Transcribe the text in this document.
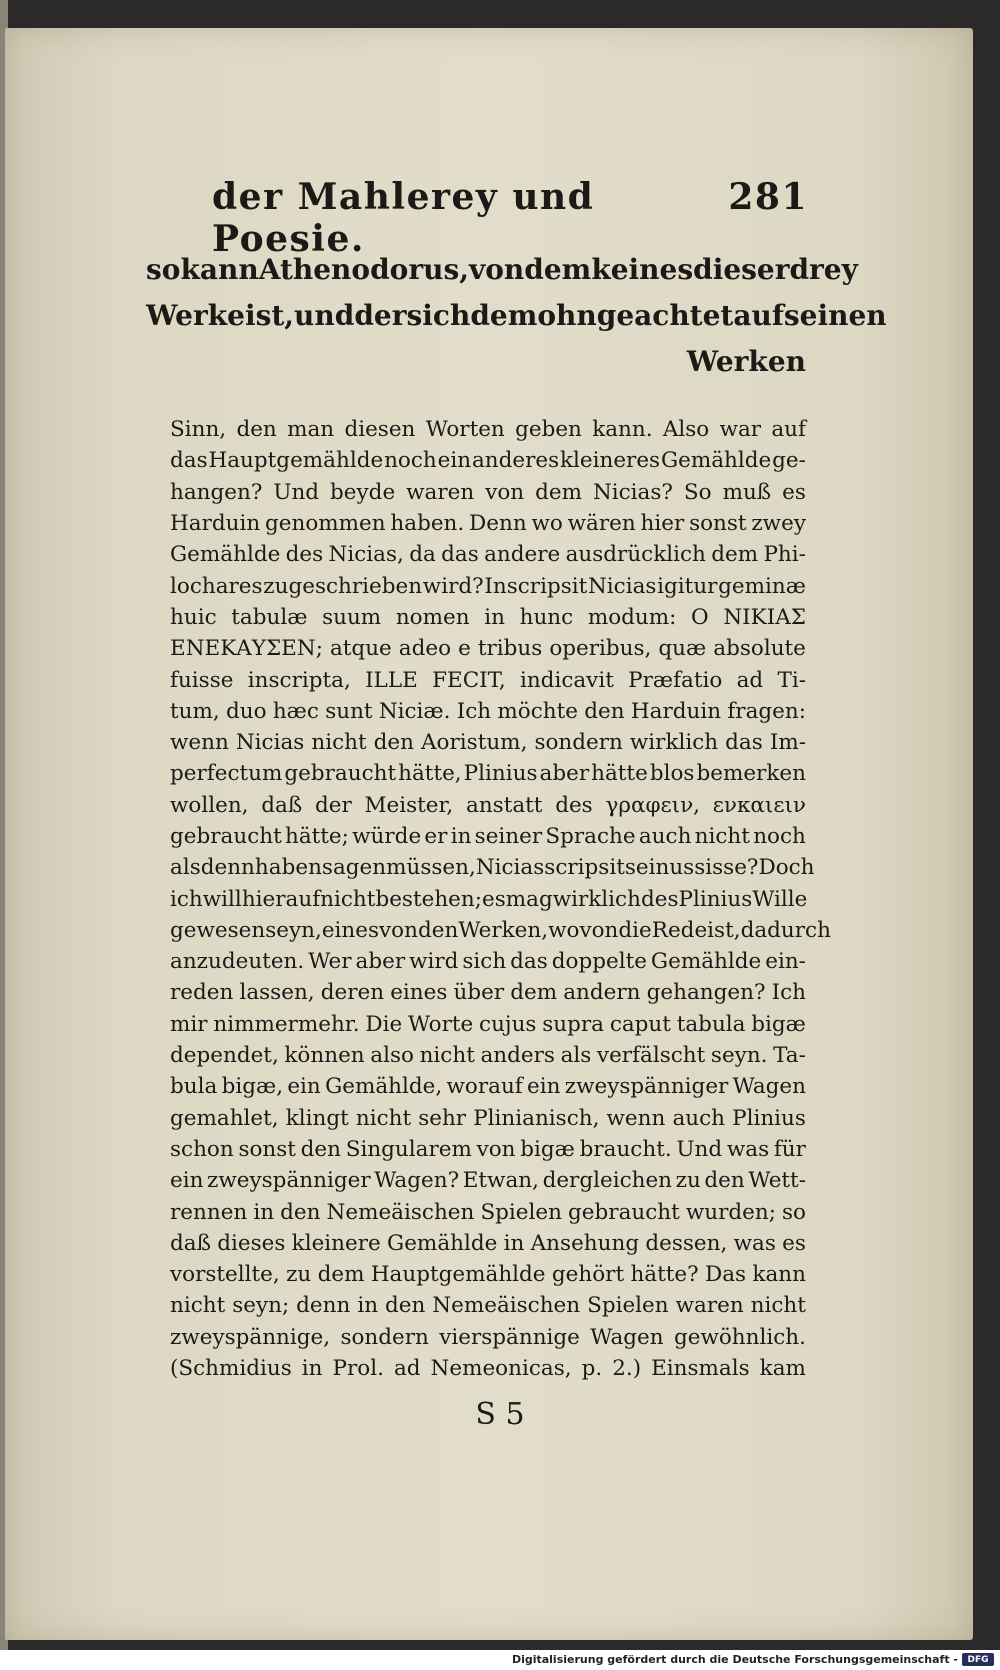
der Mahlerey und Poesie.
281
so kann Athenodorus, von dem keines dieser drey
Werke ist, und der sich dem ohngeachtet auf seinen
Werken
Sinn, den man diesen Worten geben kann. Also war auf
das Hauptgemählde noch ein anderes kleineres Gemählde ge-
hangen? Und beyde waren von dem Nicias? So muß es
Harduin genommen haben. Denn wo wären hier sonst zwey
Gemählde des Nicias, da das andere ausdrücklich dem Phi-
lochares zugeschrieben wird? Inscripsit Nicias igitur geminæ
huic tabulæ suum nomen in hunc modum: Ο ΝΙΚΙΑΣ
ΕΝΕΚΑΥΣΕΝ; atque adeo e tribus operibus, quæ absolute
fuisse inscripta, ILLE FECIT, indicavit Præfatio ad Ti-
tum, duo hæc sunt Niciæ. Ich möchte den Harduin fragen:
wenn Nicias nicht den Aoristum, sondern wirklich das Im-
perfectum gebraucht hätte, Plinius aber hätte blos bemerken
wollen, daß der Meister, anstatt des γραφειν, ενκαιειν
gebraucht hätte; würde er in seiner Sprache auch nicht noch
alsdenn haben sagen müssen, Nicias scripsit se inussisse? Doch
ich will hierauf nicht bestehen; es mag wirklich des Plinius Wille
gewesen seyn, eines von den Werken, wovon die Rede ist, dadurch
anzudeuten. Wer aber wird sich das doppelte Gemählde ein-
reden lassen, deren eines über dem andern gehangen? Ich
mir nimmermehr. Die Worte cujus supra caput tabula bigæ
dependet, können also nicht anders als verfälscht seyn. Ta-
bula bigæ, ein Gemählde, worauf ein zweyspänniger Wagen
gemahlet, klingt nicht sehr Plinianisch, wenn auch Plinius
schon sonst den Singularem von bigæ braucht. Und was für
ein zweyspänniger Wagen? Etwan, dergleichen zu den Wett-
rennen in den Nemeäischen Spielen gebraucht wurden; so
daß dieses kleinere Gemählde in Ansehung dessen, was es
vorstellte, zu dem Hauptgemählde gehört hätte? Das kann
nicht seyn; denn in den Nemeäischen Spielen waren nicht
zweyspännige, sondern vierspännige Wagen gewöhnlich.
(Schmidius in Prol. ad Nemeonicas, p. 2.) Einsmals kam
S 5
Digitalisierung gefördert durch die Deutsche Forschungsgemeinschaft -	DFG
